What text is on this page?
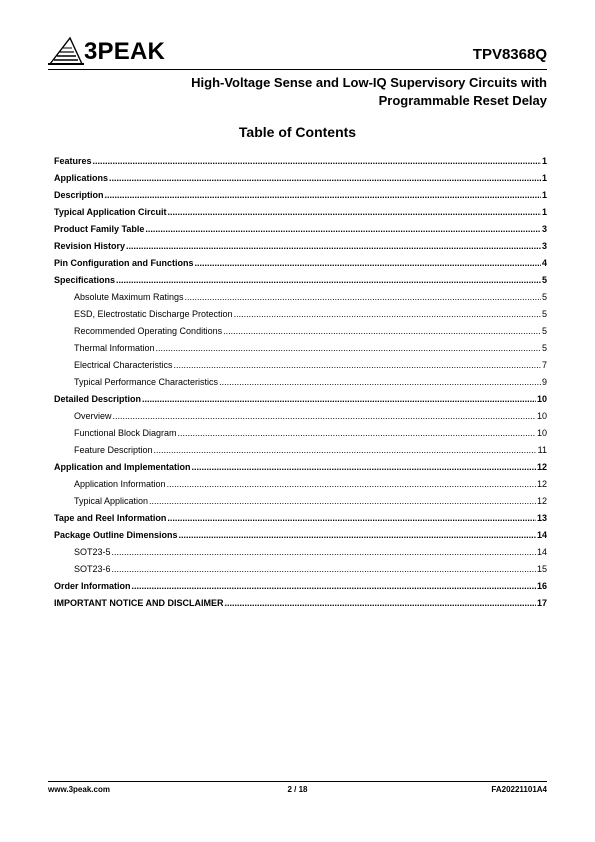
3PEAK	TPV8368Q
High-Voltage Sense and Low-IQ Supervisory Circuits with
Programmable Reset Delay
Table of Contents
Features .....	1
Applications .....	1
Description .....	1
Typical Application Circuit .....	1
Product Family Table .....	3
Revision History .....	3
Pin Configuration and Functions .....	4
Specifications .....	5
Absolute Maximum Ratings .....	5
ESD, Electrostatic Discharge Protection .....	5
Recommended Operating Conditions .....	5
Thermal Information .....	5
Electrical Characteristics .....	7
Typical Performance Characteristics .....	9
Detailed Description .....	10
Overview .....	10
Functional Block Diagram .....	10
Feature Description .....	11
Application and Implementation .....	12
Application Information .....	12
Typical Application .....	12
Tape and Reel Information .....	13
Package Outline Dimensions .....	14
SOT23-5 .....	14
SOT23-6 .....	15
Order Information .....	16
IMPORTANT NOTICE AND DISCLAIMER .....	17
www.3peak.com	2 / 18	FA20221101A4
